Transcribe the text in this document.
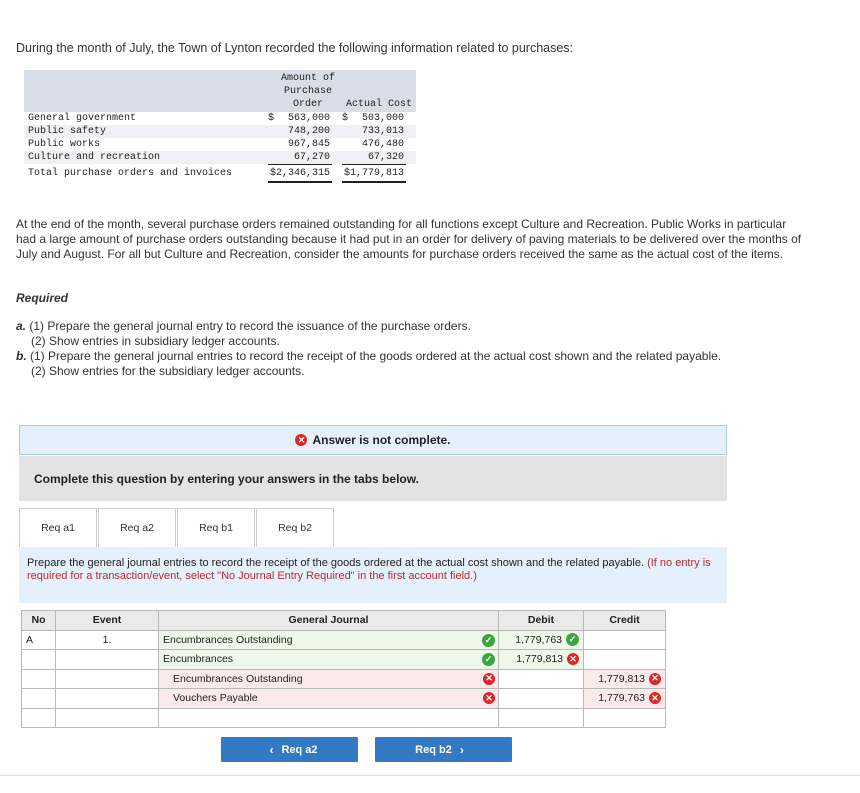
During the month of July, the Town of Lynton recorded the following information related to purchases:
Amount of
Purchase
Order	Actual Cost
General government	$	563,000 $	503,000
Public safety	748,200	733,013
Public works	967,845	476,480
Culture and recreation	67,270	67,320
Total purchase orders and invoices	$2,346,315 $1,779,813
At the end of the month, several purchase orders remained outstanding for all functions except Culture and Recreation. Public Works in particular had a large amount of purchase orders outstanding because it had put in an order for delivery of paving materials to be delivered over the months of July and August. For all but Culture and Recreation, consider the amounts for purchase orders received the same as the actual cost of the items.
Required
a. (1) Prepare the general journal entry to record the issuance of the purchase orders.
(2) Show entries in subsidiary ledger accounts.
b. (1) Prepare the general journal entries to record the receipt of the goods ordered at the actual cost shown and the related payable.
(2) Show entries for the subsidiary ledger accounts.
✕ Answer is not complete.
Complete this question by entering your answers in the tabs below.
Req a1	Req a2	Req b1	Req b2
Prepare the general journal entries to record the receipt of the goods ordered at the actual cost shown and the related payable. (If no entry is required for a transaction/event, select "No Journal Entry Required" in the first account field.)
No	Event	General Journal	Debit	Credit
A	1.	Encumbrances Outstanding ✓	1,779,763 ✓	
		Encumbrances ✓	1,779,813 ✕	
		Encumbrances Outstanding ✕		1,779,813 ✕
		Vouchers Payable ✕		1,779,763 ✕

‹ Req a2	Req b2 ›
